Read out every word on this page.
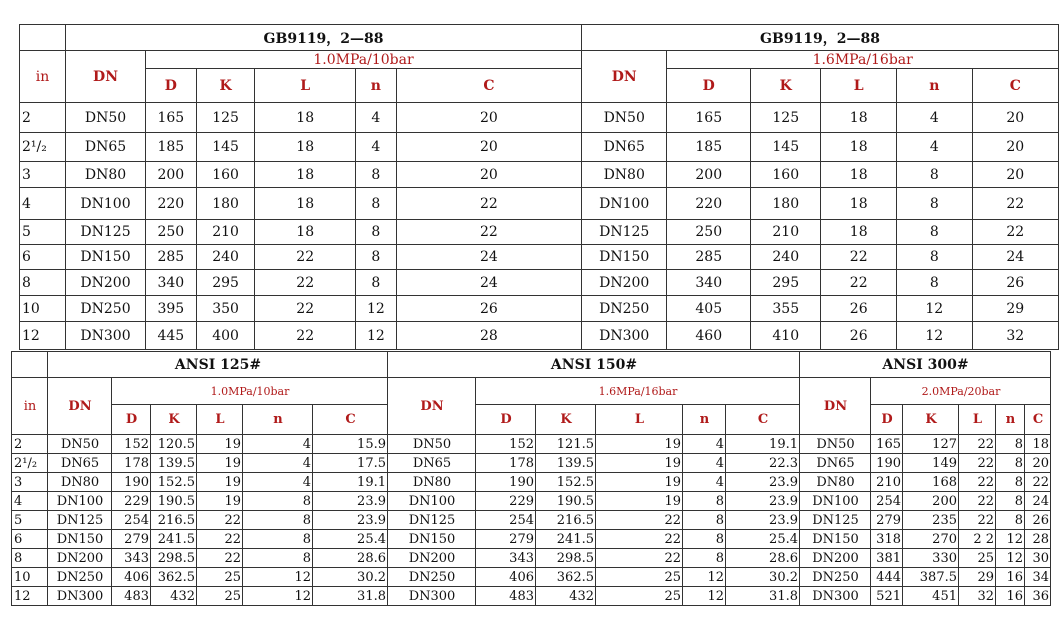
	GB9119，2—88						GB9119，2—88					
in	DN	1.0MPa/10bar					DN	1.6MPa/16bar				
		D	K	L	n	C		D	K	L	n	C
2	DN50	165	125	18	4	20	DN50	165	125	18	4	20
2¹/₂	DN65	185	145	18	4	20	DN65	185	145	18	4	20
3	DN80	200	160	18	8	20	DN80	200	160	18	8	20
4	DN100	220	180	18	8	22	DN100	220	180	18	8	22
5	DN125	250	210	18	8	22	DN125	250	210	18	8	22
6	DN150	285	240	22	8	24	DN150	285	240	22	8	24
8	DN200	340	295	22	8	24	DN200	340	295	22	8	26
10	DN250	395	350	22	12	26	DN250	405	355	26	12	29
12	DN300	445	400	22	12	28	DN300	460	410	26	12	32
	ANSI 125#						ANSI 150#						ANSI 300#					
in	DN	1.0MPa/10bar					DN	1.6MPa/16bar					DN	2.0MPa/20bar				
		D	K	L	n	C		D	K	L	n	C		D	K	L	n	C
2	DN50	152	120.5	19	4	15.9	DN50	152	121.5	19	4	19.1	DN50	165	127	22	8	18
2¹/₂	DN65	178	139.5	19	4	17.5	DN65	178	139.5	19	4	22.3	DN65	190	149	22	8	20
3	DN80	190	152.5	19	4	19.1	DN80	190	152.5	19	4	23.9	DN80	210	168	22	8	22
4	DN100	229	190.5	19	8	23.9	DN100	229	190.5	19	8	23.9	DN100	254	200	22	8	24
5	DN125	254	216.5	22	8	23.9	DN125	254	216.5	22	8	23.9	DN125	279	235	22	8	26
6	DN150	279	241.5	22	8	25.4	DN150	279	241.5	22	8	25.4	DN150	318	270	2 2	12	28
8	DN200	343	298.5	22	8	28.6	DN200	343	298.5	22	8	28.6	DN200	381	330	25	12	30
10	DN250	406	362.5	25	12	30.2	DN250	406	362.5	25	12	30.2	DN250	444	387.5	29	16	34
12	DN300	483	432	25	12	31.8	DN300	483	432	25	12	31.8	DN300	521	451	32	16	36
